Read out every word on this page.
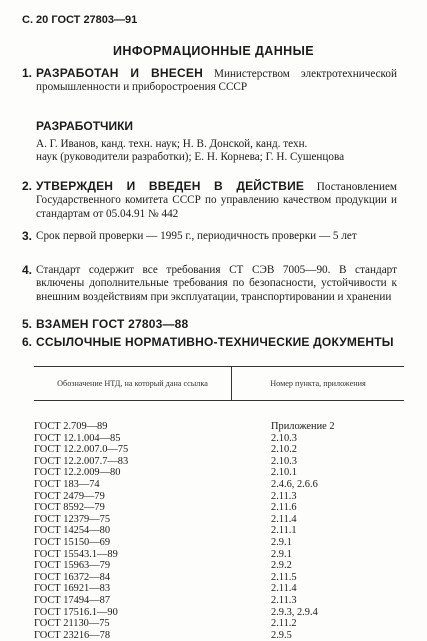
С. 20 ГОСТ 27803—91
ИНФОРМАЦИОННЫЕ ДАННЫЕ
1. РАЗРАБОТАН И ВНЕСЕН Министерством электротехнической промышленности и приборостроения СССР
РАЗРАБОТЧИКИ
А. Г. Иванов, канд. техн. наук; Н. В. Донской, канд. техн.
наук (руководители разработки); Е. Н. Корнева; Г. Н. Сушенцова
2. УТВЕРЖДЕН И ВВЕДЕН В ДЕЙСТВИЕ Постановлением Государственного комитета СССР по управлению качеством продукции и стандартам от 05.04.91 № 442
3. Срок первой проверки — 1995 г., периодичность проверки — 5 лет
4. Стандарт содержит все требования СТ СЭВ 7005—90. В стандарт включены дополнительные требования по безопасности, устойчивости к внешним воздействиям при эксплуатации, транспортировании и хранении
5. ВЗАМЕН ГОСТ 27803—88
6. ССЫЛОЧНЫЕ НОРМАТИВНО-ТЕХНИЧЕСКИЕ ДОКУМЕНТЫ
Обозначение НТД, на который дана ссылка	Номер пункта, приложения
ГОСТ 2.709—89	Приложение 2
ГОСТ 12.1.004—85	2.10.3
ГОСТ 12.2.007.0—75	2.10.2
ГОСТ 12.2.007.7—83	2.10.3
ГОСТ 12.2.009—80	2.10.1
ГОСТ 183—74	2.4.6, 2.6.6
ГОСТ 2479—79	2.11.3
ГОСТ 8592—79	2.11.6
ГОСТ 12379—75	2.11.4
ГОСТ 14254—80	2.11.1
ГОСТ 15150—69	2.9.1
ГОСТ 15543.1—89	2.9.1
ГОСТ 15963—79	2.9.2
ГОСТ 16372—84	2.11.5
ГОСТ 16921—83	2.11.4
ГОСТ 17494—87	2.11.3
ГОСТ 17516.1—90	2.9.3, 2.9.4
ГОСТ 21130—75	2.11.2
ГОСТ 23216—78	2.9.5
